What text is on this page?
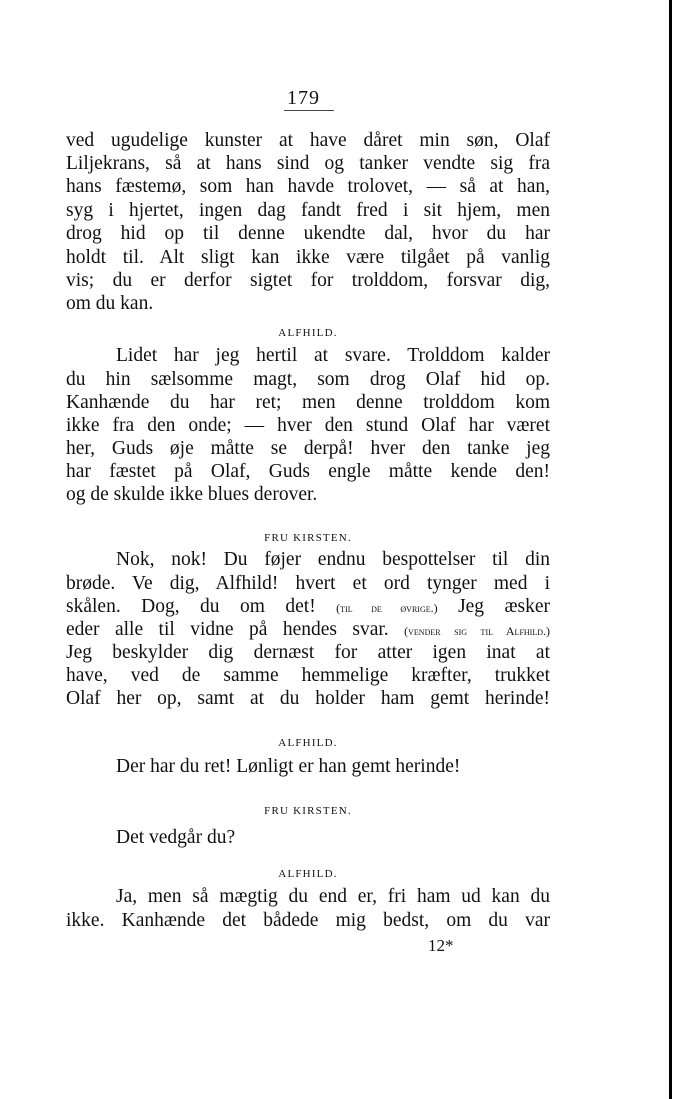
179
ved ugudelige kunster at have dåret min søn, Olaf
Liljekrans, så at hans sind og tanker vendte sig fra
hans fæstemø, som han havde trolovet, — så at han,
syg i hjertet, ingen dag fandt fred i sit hjem, men
drog hid op til denne ukendte dal, hvor du har
holdt til. Alt sligt kan ikke være tilgået på vanlig
vis; du er derfor sigtet for trolddom, forsvar dig,
om du kan.
ALFHILD.
Lidet har jeg hertil at svare. Trolddom kalder
du hin sælsomme magt, som drog Olaf hid op.
Kanhænde du har ret; men denne trolddom kom
ikke fra den onde; — hver den stund Olaf har været
her, Guds øje måtte se derpå! hver den tanke jeg
har fæstet på Olaf, Guds engle måtte kende den!
og de skulde ikke blues derover.
FRU KIRSTEN.
Nok, nok! Du føjer endnu bespottelser til din
brøde. Ve dig, Alfhild! hvert et ord tynger med i
skålen. Dog, du om det! (til de øvrige.) Jeg æsker
eder alle til vidne på hendes svar. (vender sig til Alfhild.)
Jeg beskylder dig dernæst for atter igen inat at
have, ved de samme hemmelige kræfter, trukket
Olaf her op, samt at du holder ham gemt herinde!
ALFHILD.
Der har du ret! Lønligt er han gemt herinde!
FRU KIRSTEN.
Det vedgår du?
ALFHILD.
Ja, men så mægtig du end er, fri ham ud kan du
ikke. Kanhænde det bådede mig bedst, om du var
12*
